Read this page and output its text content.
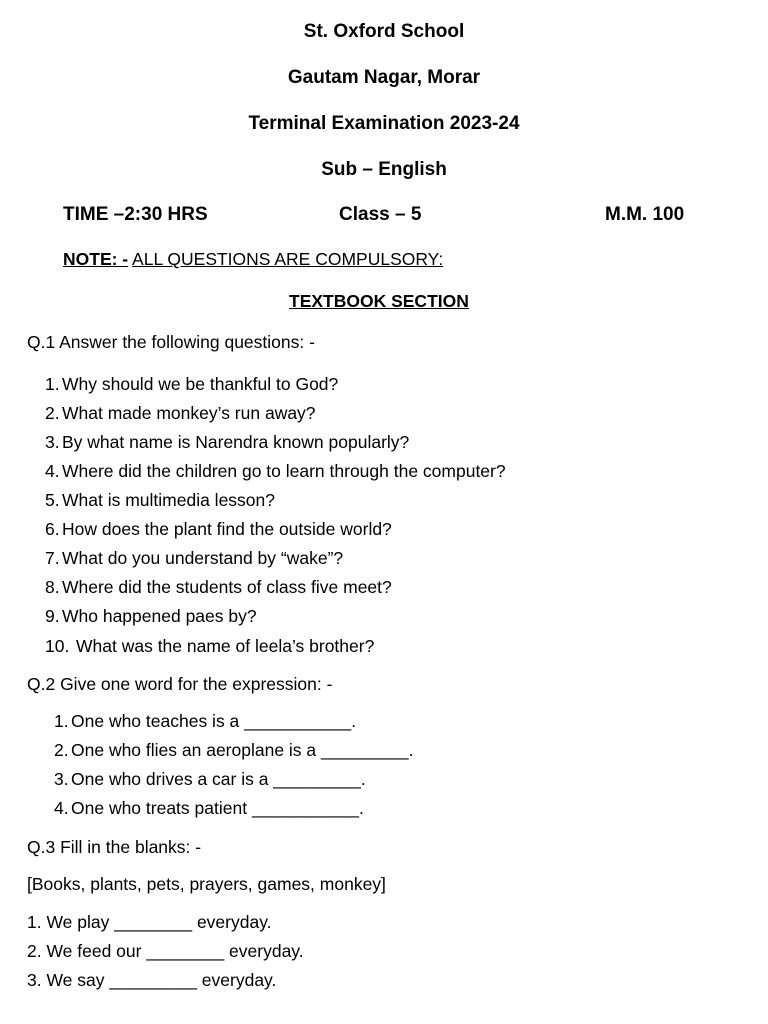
St. Oxford School
Gautam Nagar, Morar
Terminal Examination 2023-24
Sub – English
TIME –2:30 HRS	Class – 5	M.M. 100
NOTE: - ALL QUESTIONS ARE COMPULSORY:
TEXTBOOK SECTION
Q.1 Answer the following questions: -
1. Why should we be thankful to God?
2. What made monkey’s run away?
3. By what name is Narendra known popularly?
4. Where did the children go to learn through the computer?
5. What is multimedia lesson?
6. How does the plant find the outside world?
7. What do you understand by “wake”?
8. Where did the students of class five meet?
9. Who happened paes by?
10. What was the name of leela’s brother?
Q.2 Give one word for the expression: -
1. One who teaches is a ___________.
2. One who flies an aeroplane is a _________.
3. One who drives a car is a _________.
4. One who treats patient ___________.
Q.3 Fill in the blanks: -
[Books, plants, pets, prayers, games, monkey]
1. We play ________ everyday.
2. We feed our ________ everyday.
3. We say _________ everyday.
